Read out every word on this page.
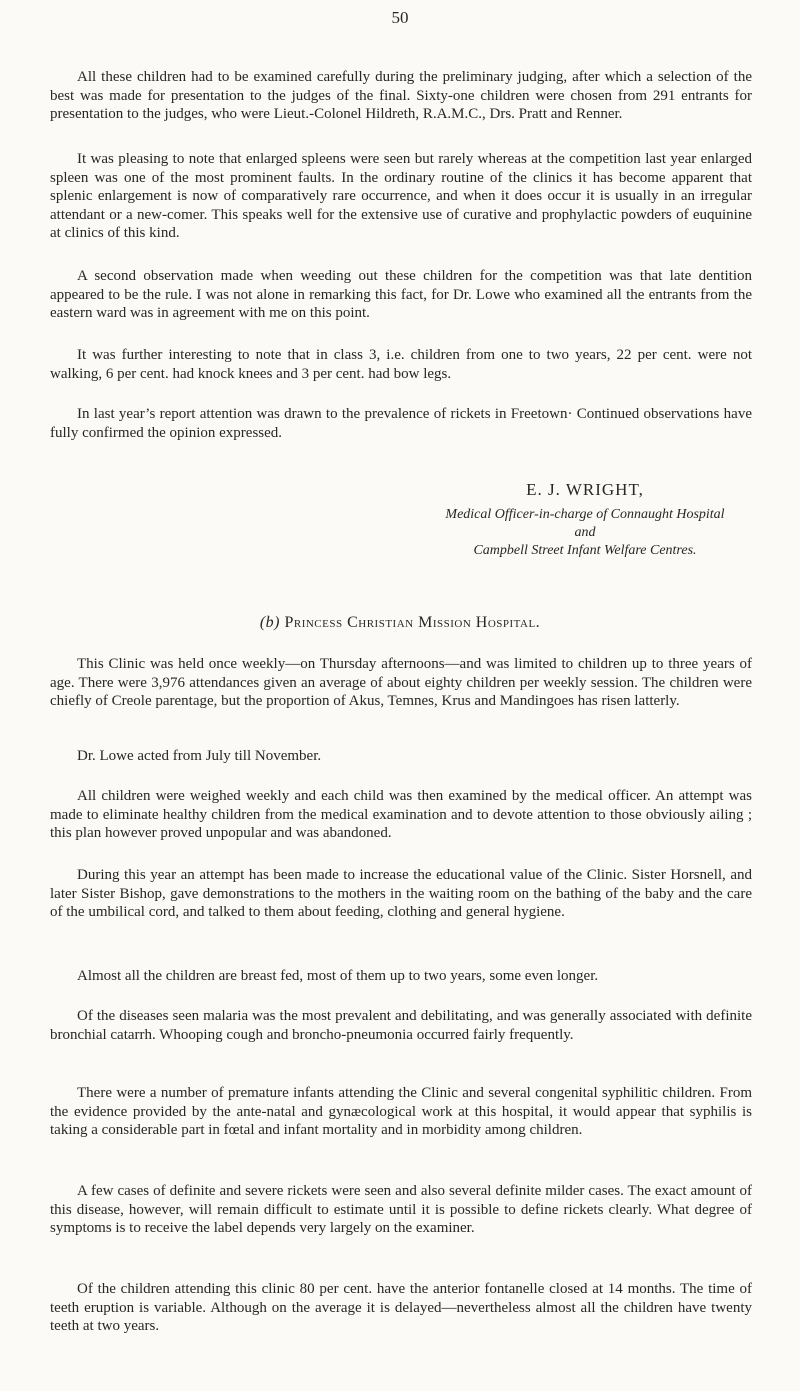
50

All these children had to be examined carefully during the preliminary judging, after which a selection of the best was made for presentation to the judges of the final. Sixty-one children were chosen from 291 entrants for presentation to the judges, who were Lieut.-Colonel Hildreth, R.A.M.C., Drs. Pratt and Renner.

It was pleasing to note that enlarged spleens were seen but rarely whereas at the competition last year enlarged spleen was one of the most prominent faults. In the ordinary routine of the clinics it has become apparent that splenic enlargement is now of comparatively rare occurrence, and when it does occur it is usually in an irregular attendant or a new-comer. This speaks well for the extensive use of curative and prophylactic powders of euquinine at clinics of this kind.

A second observation made when weeding out these children for the competition was that late dentition appeared to be the rule. I was not alone in remarking this fact, for Dr. Lowe who examined all the entrants from the eastern ward was in agreement with me on this point.

It was further interesting to note that in class 3, i.e. children from one to two years, 22 per cent. were not walking, 6 per cent. had knock knees and 3 per cent. had bow legs.

In last year’s report attention was drawn to the prevalence of rickets in Freetown· Continued observations have fully confirmed the opinion expressed.

E. J. WRIGHT,
Medical Officer-in-charge of Connaught Hospital
and
Campbell Street Infant Welfare Centres.
(b) Princess Christian Mission Hospital.

This Clinic was held once weekly—on Thursday afternoons—and was limited to children up to three years of age. There were 3,976 attendances given an average of about eighty children per weekly session. The children were chiefly of Creole parentage, but the proportion of Akus, Temnes, Krus and Mandingoes has risen latterly.

Dr. Lowe acted from July till November.

All children were weighed weekly and each child was then examined by the medical officer. An attempt was made to eliminate healthy children from the medical examination and to devote attention to those obviously ailing ; this plan however proved unpopular and was abandoned.

During this year an attempt has been made to increase the educational value of the Clinic. Sister Horsnell, and later Sister Bishop, gave demonstrations to the mothers in the waiting room on the bathing of the baby and the care of the umbilical cord, and talked to them about feeding, clothing and general hygiene.

Almost all the children are breast fed, most of them up to two years, some even longer.

Of the diseases seen malaria was the most prevalent and debilitating, and was generally associated with definite bronchial catarrh. Whooping cough and broncho-pneumonia occurred fairly frequently.

There were a number of premature infants attending the Clinic and several congenital syphilitic children. From the evidence provided by the ante-natal and gynæcological work at this hospital, it would appear that syphilis is taking a considerable part in fœtal and infant mortality and in morbidity among children.

A few cases of definite and severe rickets were seen and also several definite milder cases. The exact amount of this disease, however, will remain difficult to estimate until it is possible to define rickets clearly. What degree of symptoms is to receive the label depends very largely on the examiner.

Of the children attending this clinic 80 per cent. have the anterior fontanelle closed at 14 months. The time of teeth eruption is variable. Although on the average it is delayed—nevertheless almost all the children have twenty teeth at two years.
